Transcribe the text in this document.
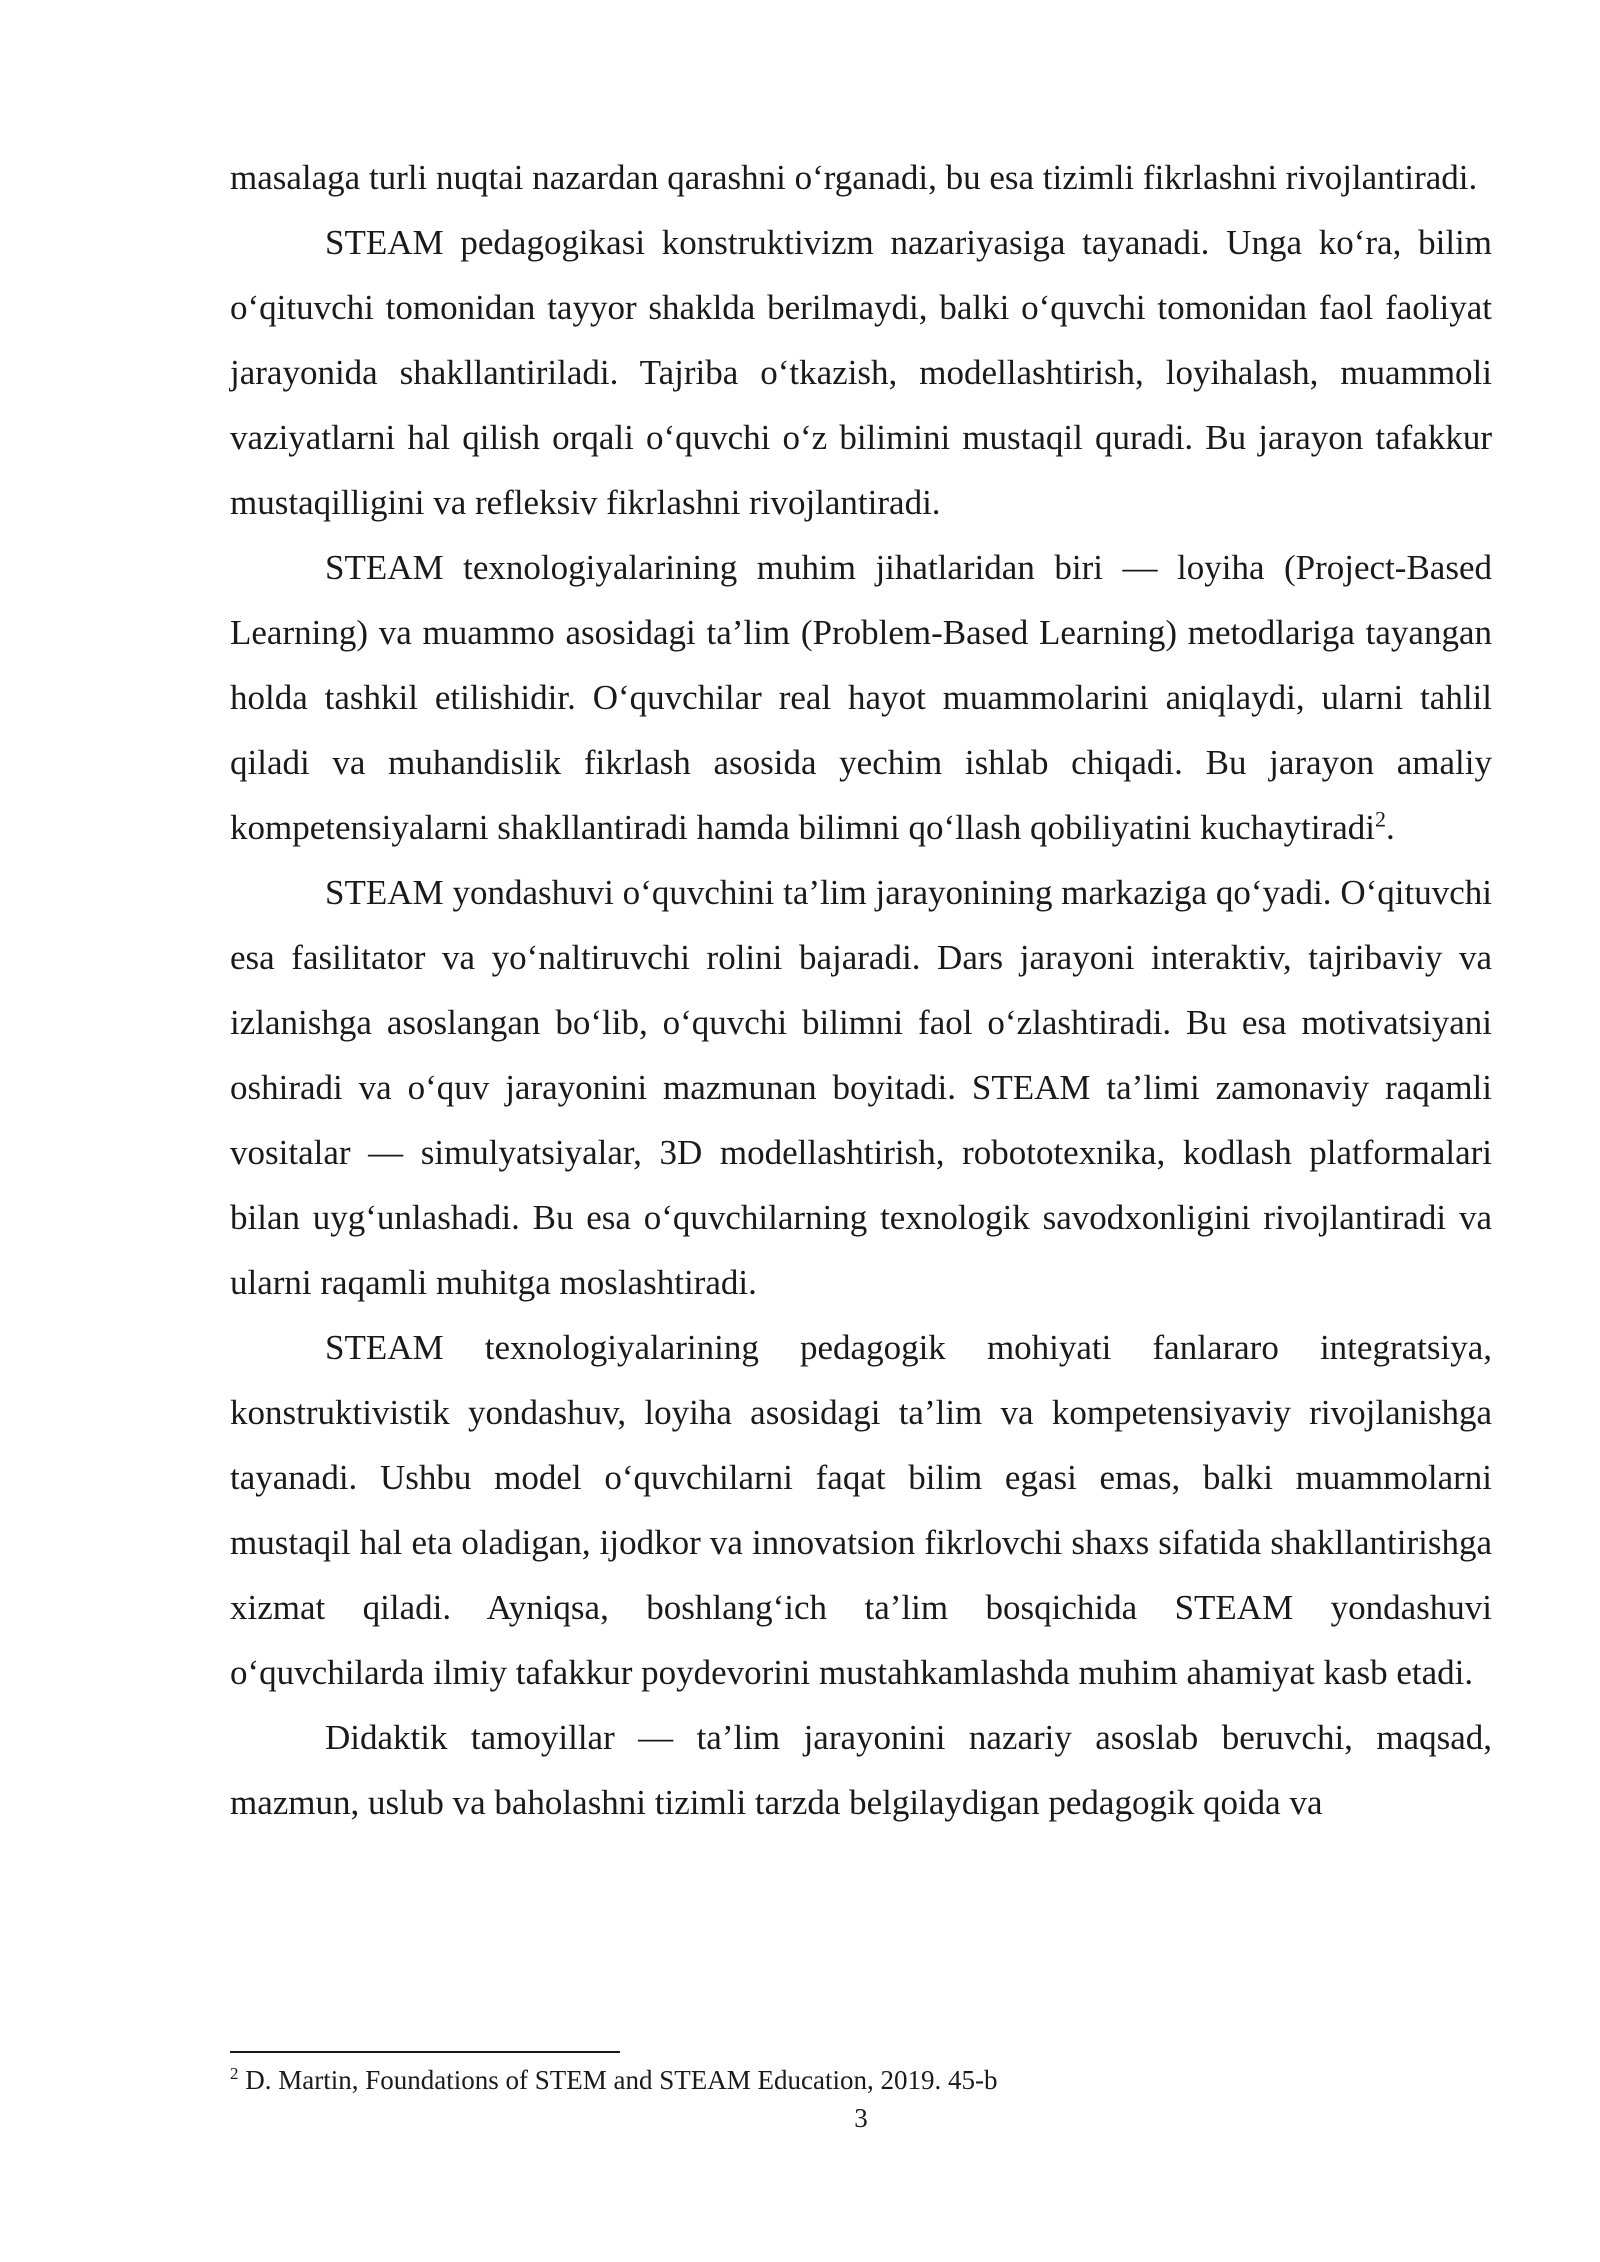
masalaga turli nuqtai nazardan qarashni o‘rganadi, bu esa tizimli fikrlashni rivojlantiradi.

STEAM pedagogikasi konstruktivizm nazariyasiga tayanadi. Unga ko‘ra, bilim o‘qituvchi tomonidan tayyor shaklda berilmaydi, balki o‘quvchi tomonidan faol faoliyat jarayonida shakllantiriladi. Tajriba o‘tkazish, modellashtirish, loyihalash, muammoli vaziyatlarni hal qilish orqali o‘quvchi o‘z bilimini mustaqil quradi. Bu jarayon tafakkur mustaqilligini va refleksiv fikrlashni rivojlantiradi.

STEAM texnologiyalarining muhim jihatlaridan biri — loyiha (Project-Based Learning) va muammo asosidagi ta’lim (Problem-Based Learning) metodlariga tayangan holda tashkil etilishidir. O‘quvchilar real hayot muammolarini aniqlaydi, ularni tahlil qiladi va muhandislik fikrlash asosida yechim ishlab chiqadi. Bu jarayon amaliy kompetensiyalarni shakllantiradi hamda bilimni qo‘llash qobiliyatini kuchaytiradi$^2$.

STEAM yondashuvi o‘quvchini ta’lim jarayonining markaziga qo‘yadi. O‘qituvchi esa fasilitator va yo‘naltiruvchi rolini bajaradi. Dars jarayoni interaktiv, tajribaviy va izlanishga asoslangan bo‘lib, o‘quvchi bilimni faol o‘zlashtiradi. Bu esa motivatsiyani oshiradi va o‘quv jarayonini mazmunan boyitadi. STEAM ta’limi zamonaviy raqamli vositalar — simulyatsiyalar, 3D modellashtirish, robototexnika, kodlash platformalari bilan uyg‘unlashadi. Bu esa o‘quvchilarning texnologik savodxonligini rivojlantiradi va ularni raqamli muhitga moslashtiradi.

STEAM texnologiyalarining pedagogik mohiyati fanlararo integratsiya, konstruktivistik yondashuv, loyiha asosidagi ta’lim va kompetensiyaviy rivojlanishga tayanadi. Ushbu model o‘quvchilarni faqat bilim egasi emas, balki muammolarni mustaqil hal eta oladigan, ijodkor va innovatsion fikrlovchi shaxs sifatida shakllantirishga xizmat qiladi. Ayniqsa, boshlang‘ich ta’lim bosqichida STEAM yondashuvi o‘quvchilarda ilmiy tafakkur poydevorini mustahkamlashda muhim ahamiyat kasb etadi.

Didaktik tamoyillar — ta’lim jarayonini nazariy asoslab beruvchi, maqsad, mazmun, uslub va baholashni tizimli tarzda belgilaydigan pedagogik qoida va

$^2$ D. Martin, Foundations of STEM and STEAM Education, 2019. 45-b
3
